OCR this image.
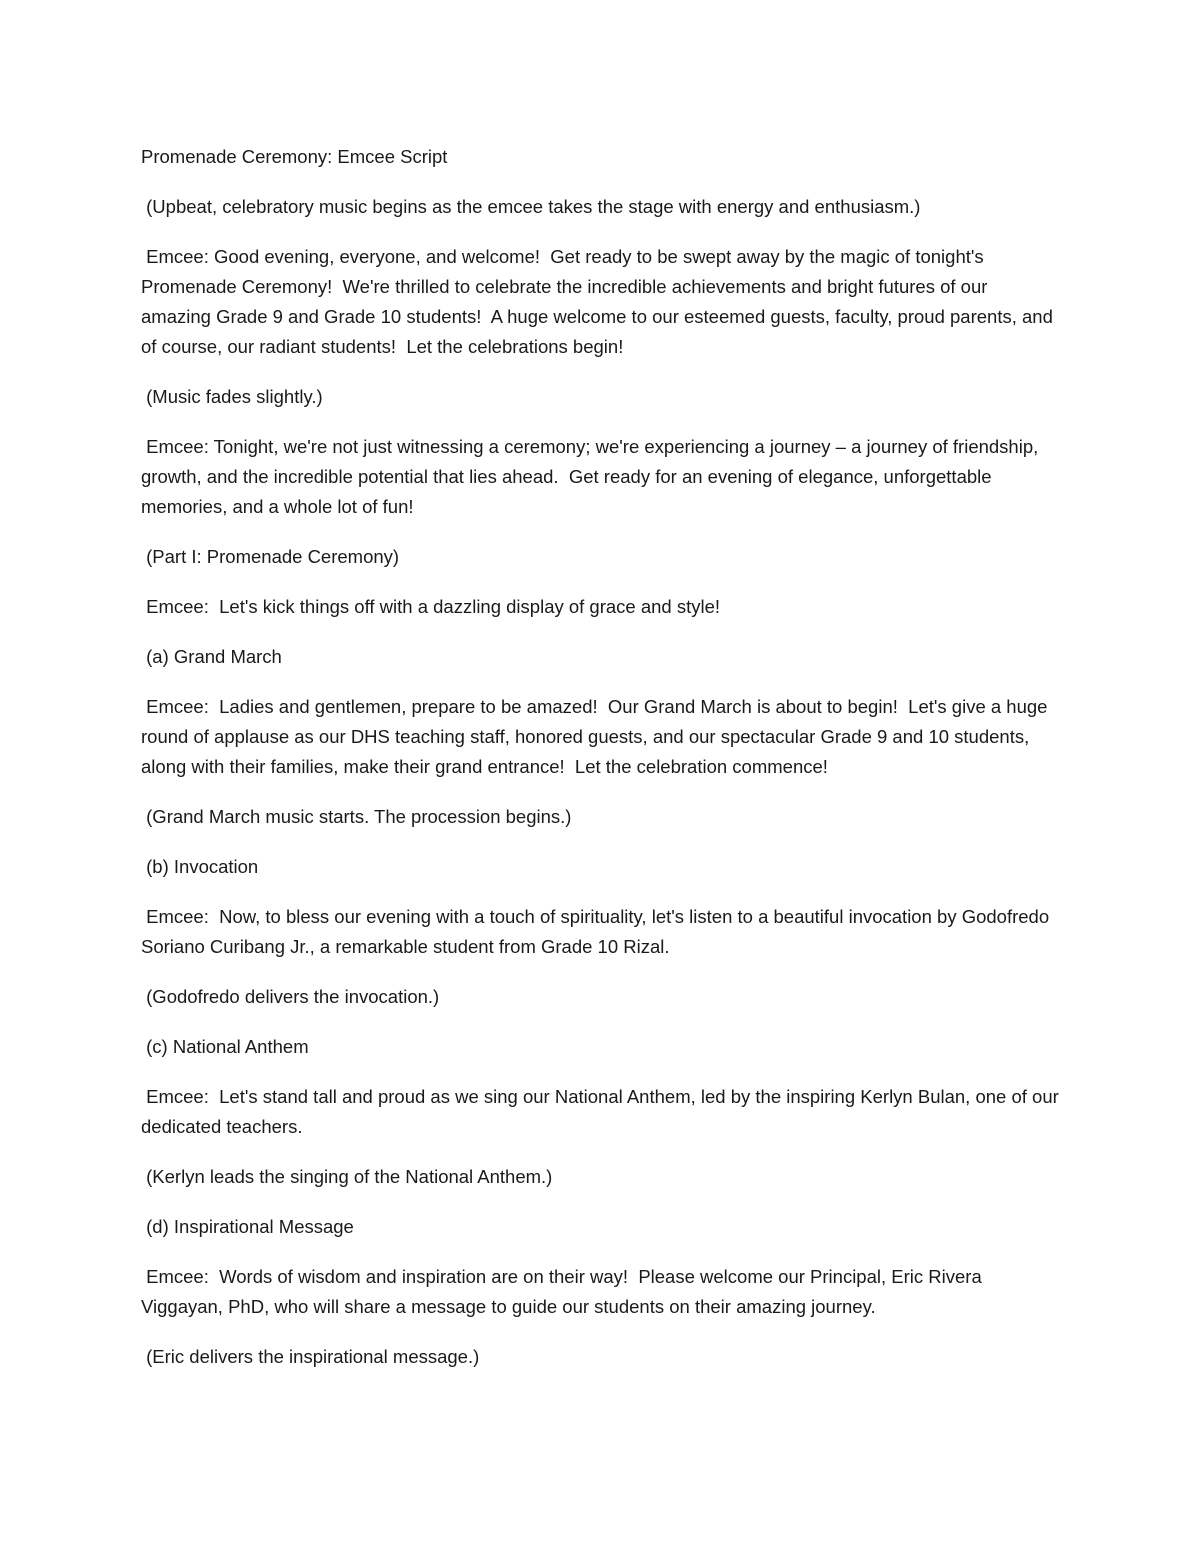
Promenade Ceremony: Emcee Script

(Upbeat, celebratory music begins as the emcee takes the stage with energy and enthusiasm.)

Emcee: Good evening, everyone, and welcome!  Get ready to be swept away by the magic of tonight's Promenade Ceremony!  We're thrilled to celebrate the incredible achievements and bright futures of our amazing Grade 9 and Grade 10 students!  A huge welcome to our esteemed guests, faculty, proud parents, and of course, our radiant students!  Let the celebrations begin!

(Music fades slightly.)

Emcee: Tonight, we're not just witnessing a ceremony; we're experiencing a journey – a journey of friendship, growth, and the incredible potential that lies ahead.  Get ready for an evening of elegance, unforgettable memories, and a whole lot of fun!

(Part I: Promenade Ceremony)

Emcee:  Let's kick things off with a dazzling display of grace and style!

(a) Grand March

Emcee:  Ladies and gentlemen, prepare to be amazed!  Our Grand March is about to begin!  Let's give a huge round of applause as our DHS teaching staff, honored guests, and our spectacular Grade 9 and 10 students, along with their families, make their grand entrance!  Let the celebration commence!

(Grand March music starts. The procession begins.)

(b) Invocation

Emcee:  Now, to bless our evening with a touch of spirituality, let's listen to a beautiful invocation by Godofredo Soriano Curibang Jr., a remarkable student from Grade 10 Rizal.

(Godofredo delivers the invocation.)

(c) National Anthem

Emcee:  Let's stand tall and proud as we sing our National Anthem, led by the inspiring Kerlyn Bulan, one of our dedicated teachers.

(Kerlyn leads the singing of the National Anthem.)

(d) Inspirational Message

Emcee:  Words of wisdom and inspiration are on their way!  Please welcome our Principal, Eric Rivera Viggayan, PhD, who will share a message to guide our students on their amazing journey.

(Eric delivers the inspirational message.)
